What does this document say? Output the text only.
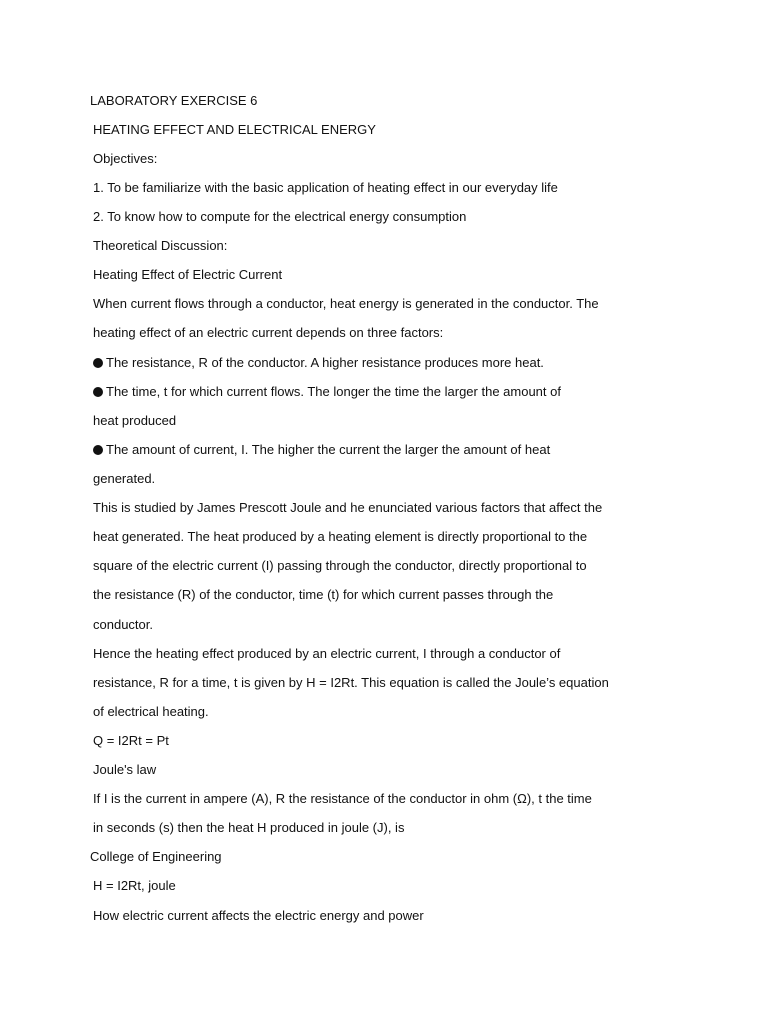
LABORATORY EXERCISE 6
HEATING EFFECT AND ELECTRICAL ENERGY
Objectives:
1. To be familiarize with the basic application of heating effect in our everyday life
2. To know how to compute for the electrical energy consumption
Theoretical Discussion:
Heating Effect of Electric Current
When current flows through a conductor, heat energy is generated in the conductor. The
heating effect of an electric current depends on three factors:
The resistance, R of the conductor. A higher resistance produces more heat.
The time, t for which current flows. The longer the time the larger the amount of
heat produced
The amount of current, I. The higher the current the larger the amount of heat
generated.
This is studied by James Prescott Joule and he enunciated various factors that affect the
heat generated. The heat produced by a heating element is directly proportional to the
square of the electric current (I) passing through the conductor, directly proportional to
the resistance (R) of the conductor, time (t) for which current passes through the
conductor.
Hence the heating effect produced by an electric current, I through a conductor of
resistance, R for a time, t is given by H = I2Rt. This equation is called the Joule’s equation
of electrical heating.
Q = I2Rt = Pt
Joule's law
If I is the current in ampere (A), R the resistance of the conductor in ohm (Ω), t the time
in seconds (s) then the heat H produced in joule (J), is
College of Engineering
H = I2Rt, joule
How electric current affects the electric energy and power
